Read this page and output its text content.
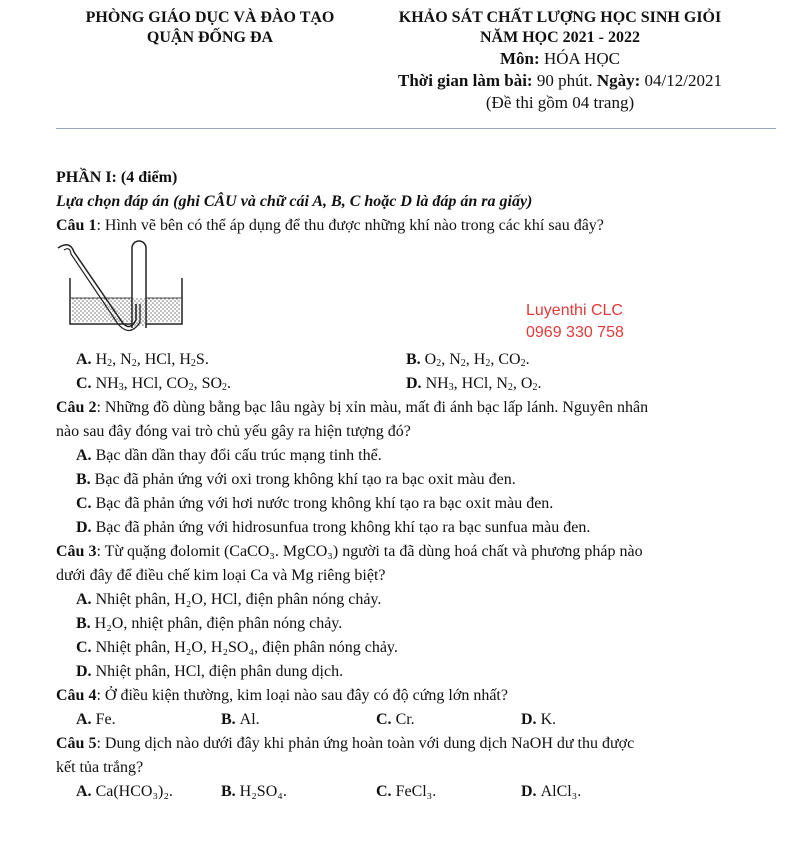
PHÒNG GIÁO DỤC VÀ ĐÀO TẠO
QUẬN ĐỐNG ĐA
KHẢO SÁT CHẤT LƯỢNG HỌC SINH GIỎI
NĂM HỌC 2021 - 2022
Môn: HÓA HỌC
Thời gian làm bài: 90 phút. Ngày: 04/12/2021
(Đề thi gồm 04 trang)
Luyenthi CLC
0969 330 758
PHẦN I: (4 điểm)
Lựa chọn đáp án (ghi CÂU và chữ cái A, B, C hoặc D là đáp án ra giấy)
Câu 1: Hình vẽ bên có thể áp dụng để thu được những khí nào trong các khí sau đây?
A. $H_2$, $N_2$, HCl, $H_2S$.	B. $O_2$, $N_2$, $H_2$, $CO_2$.
C. $NH_3$, HCl, $CO_2$, $SO_2$.	D. $NH_3$, HCl, $N_2$, $O_2$.
Câu 2: Những đồ dùng bằng bạc lâu ngày bị xỉn màu, mất đi ánh bạc lấp lánh. Nguyên nhân
nào sau đây đóng vai trò chủ yếu gây ra hiện tượng đó?
A. Bạc dần dần thay đổi cấu trúc mạng tinh thể.
B. Bạc đã phản ứng với oxi trong không khí tạo ra bạc oxit màu đen.
C. Bạc đã phản ứng với hơi nước trong không khí tạo ra bạc oxit màu đen.
D. Bạc đã phản ứng với hidrosunfua trong không khí tạo ra bạc sunfua màu đen.
Câu 3: Từ quặng đolomit (CaCO₃. MgCO₃) người ta đã dùng hoá chất và phương pháp nào
dưới đây để điều chế kim loại Ca và Mg riêng biệt?
A. Nhiệt phân, H₂O, HCl, điện phân nóng chảy.
B. H₂O, nhiệt phân, điện phân nóng chảy.
C. Nhiệt phân, H₂O, H₂SO₄, điện phân nóng chảy.
D. Nhiệt phân, HCl, điện phân dung dịch.
Câu 4: Ở điều kiện thường, kim loại nào sau đây có độ cứng lớn nhất?
A. Fe.	B. Al.	C. Cr.	D. K.
Câu 5: Dung dịch nào dưới đây khi phản ứng hoàn toàn với dung dịch NaOH dư thu được
kết tủa trắng?
A. Ca(HCO₃)₂.	B. H₂SO₄.	C. FeCl₃.	D. AlCl₃.
